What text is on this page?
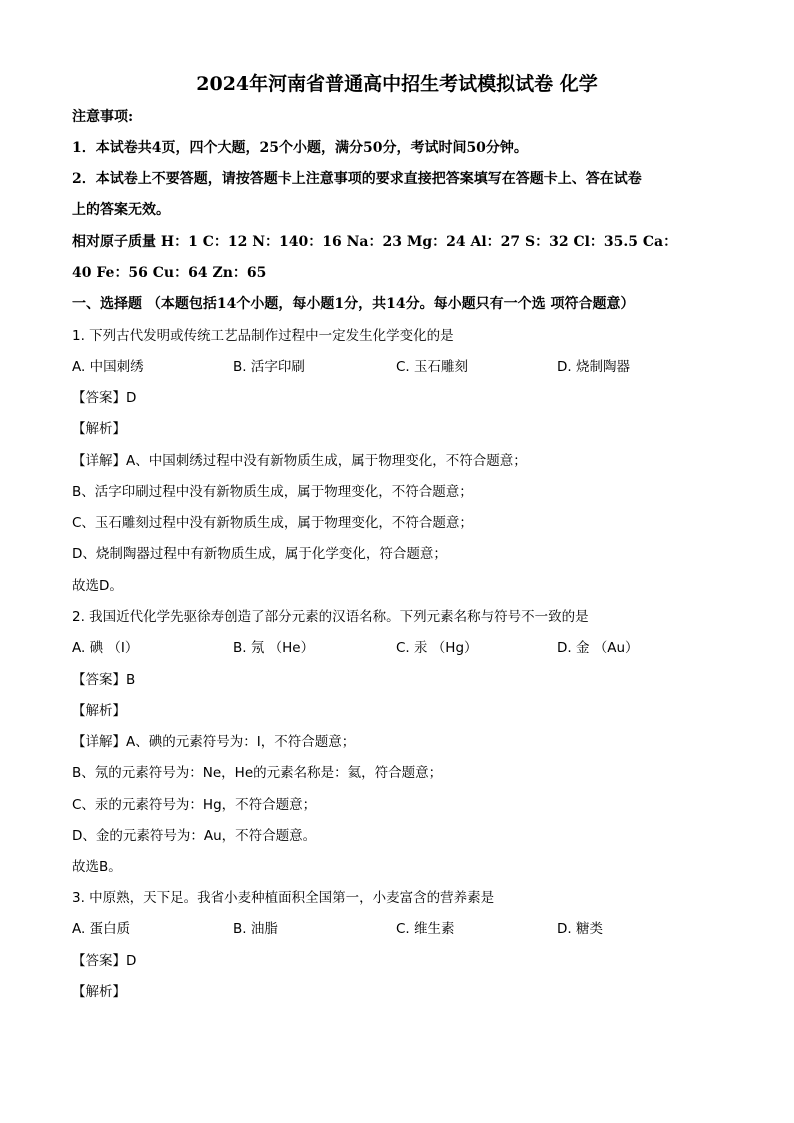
2024年河南省普通高中招生考试模拟试卷 化学
注意事项:
1．本试卷共4页，四个大题，25个小题，满分50分，考试时间50分钟。
2．本试卷上不要答题，请按答题卡上注意事项的要求直接把答案填写在答题卡上、答在试卷
上的答案无效。
相对原子质量 H：1 C：12 N：140：16 Na：23 Mg：24 Al：27 S：32 Cl：35.5 Ca：
40 Fe：56 Cu：64 Zn：65
一、选择题 （本题包括14个小题，每小题1分，共14分。每小题只有一个选 项符合题意）
1. 下列古代发明或传统工艺品制作过程中一定发生化学变化的是
A. 中国刺绣	B. 活字印刷	C. 玉石雕刻	D. 烧制陶器
【答案】D
【解析】
【详解】A、中国刺绣过程中没有新物质生成，属于物理变化，不符合题意；
B、活字印刷过程中没有新物质生成，属于物理变化，不符合题意；
C、玉石雕刻过程中没有新物质生成，属于物理变化，不符合题意；
D、烧制陶器过程中有新物质生成，属于化学变化，符合题意；
故选D。
2. 我国近代化学先驱徐寿创造了部分元素的汉语名称。下列元素名称与符号不一致的是
A. 碘 （I）	B. 氖 （He）	C. 汞 （Hg）	D. 金 （Au）
【答案】B
【解析】
【详解】A、碘的元素符号为：I，不符合题意；
B、氖的元素符号为：Ne，He的元素名称是：氦，符合题意；
C、汞的元素符号为：Hg，不符合题意；
D、金的元素符号为：Au，不符合题意。
故选B。
3. 中原熟，天下足。我省小麦种植面积全国第一，小麦富含的营养素是
A. 蛋白质	B. 油脂	C. 维生素	D. 糖类
【答案】D
【解析】
